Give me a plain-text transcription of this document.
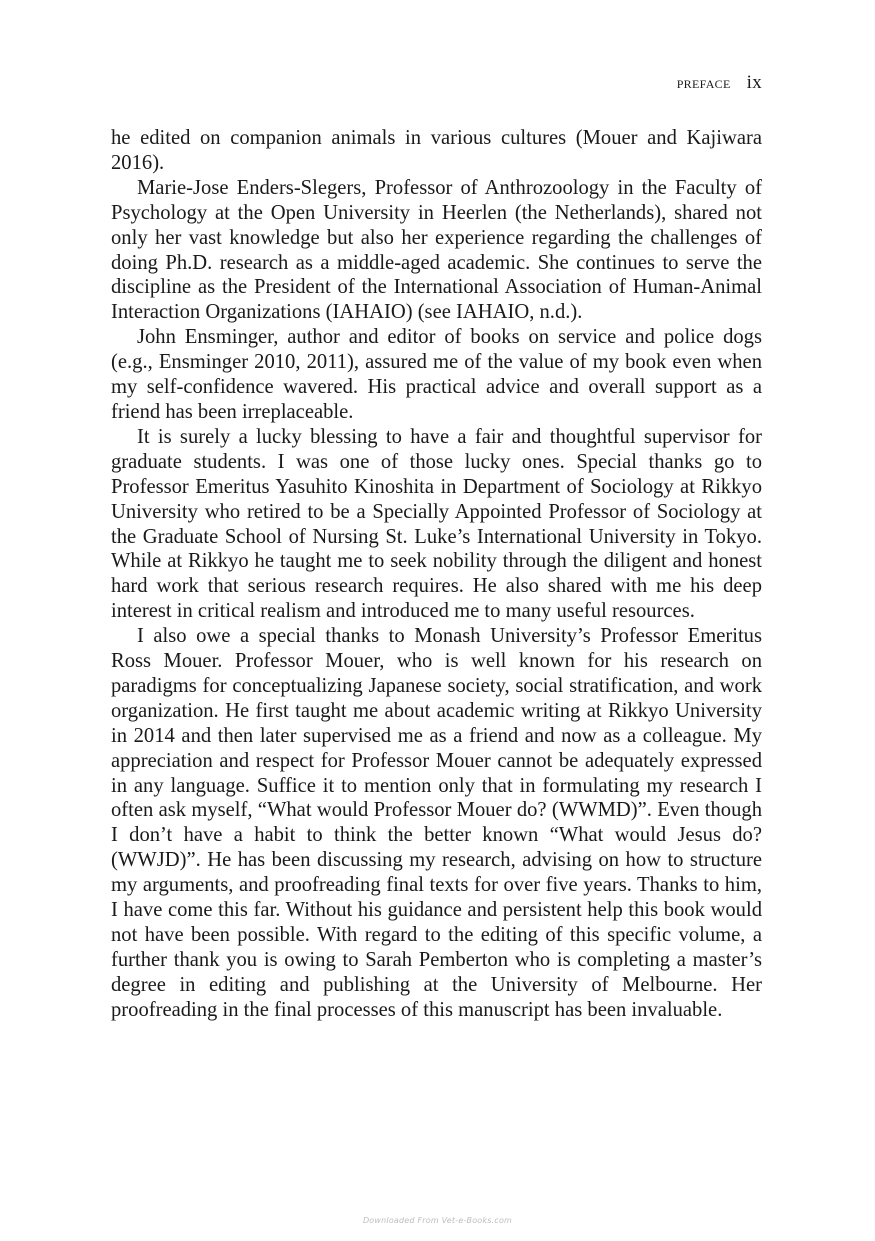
preface ix

he edited on companion animals in various cultures (Mouer and Kajiwara 2016).

Marie-Jose Enders-Slegers, Professor of Anthrozoology in the Faculty of Psychology at the Open University in Heerlen (the Netherlands), shared not only her vast knowledge but also her experience regarding the challenges of doing Ph.D. research as a middle-aged academic. She continues to serve the discipline as the President of the International Association of Human-Animal Interaction Organizations (IAHAIO) (see IAHAIO, n.d.).

John Ensminger, author and editor of books on service and police dogs (e.g., Ensminger 2010, 2011), assured me of the value of my book even when my self-confidence wavered. His practical advice and overall support as a friend has been irreplaceable.

It is surely a lucky blessing to have a fair and thoughtful supervisor for graduate students. I was one of those lucky ones. Special thanks go to Professor Emeritus Yasuhito Kinoshita in Department of Sociology at Rikkyo University who retired to be a Specially Appointed Professor of Sociology at the Graduate School of Nursing St. Luke’s International University in Tokyo. While at Rikkyo he taught me to seek nobility through the diligent and honest hard work that serious research requires. He also shared with me his deep interest in critical realism and introduced me to many useful resources.

I also owe a special thanks to Monash University’s Professor Emeritus Ross Mouer. Professor Mouer, who is well known for his research on paradigms for conceptualizing Japanese society, social stratification, and work organization. He first taught me about academic writing at Rikkyo University in 2014 and then later supervised me as a friend and now as a colleague. My appreciation and respect for Professor Mouer cannot be adequately expressed in any language. Suffice it to mention only that in formulating my research I often ask myself, “What would Professor Mouer do? (WWMD)”. Even though I don’t have a habit to think the better known “What would Jesus do? (WWJD)”. He has been discussing my research, advising on how to structure my arguments, and proofreading final texts for over five years. Thanks to him, I have come this far. Without his guidance and persistent help this book would not have been possible. With regard to the editing of this specific volume, a further thank you is owing to Sarah Pemberton who is completing a master’s degree in editing and publishing at the University of Melbourne. Her proofreading in the final processes of this manuscript has been invaluable.

Downloaded From Vet-e-Books.com
